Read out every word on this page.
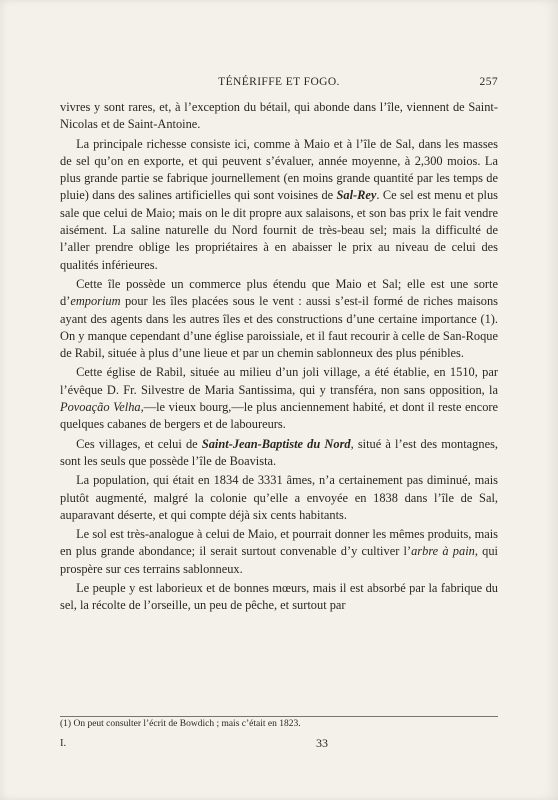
TÉNÉRIFFE ET FOGO.	257

vivres y sont rares, et, à l’exception du bétail, qui abonde dans l’île, viennent de Saint-Nicolas et de Saint-Antoine.

La principale richesse consiste ici, comme à Maio et à l’île de Sal, dans les masses de sel qu’on en exporte, et qui peuvent s’évaluer, année moyenne, à 2,300 moios. La plus grande partie se fabrique journellement (en moins grande quantité par les temps de pluie) dans des salines artificielles qui sont voisines de Sal-Rey. Ce sel est menu et plus sale que celui de Maio; mais on le dit propre aux salaisons, et son bas prix le fait vendre aisément. La saline naturelle du Nord fournit de très-beau sel; mais la difficulté de l’aller prendre oblige les propriétaires à en abaisser le prix au niveau de celui des qualités inférieures.

Cette île possède un commerce plus étendu que Maio et Sal; elle est une sorte d’emporium pour les îles placées sous le vent : aussi s’est-il formé de riches maisons ayant des agents dans les autres îles et des constructions d’une certaine importance (1). On y manque cependant d’une église paroissiale, et il faut recourir à celle de San-Roque de Rabil, située à plus d’une lieue et par un chemin sablonneux des plus pénibles.

Cette église de Rabil, située au milieu d’un joli village, a été établie, en 1510, par l’évêque D. Fr. Silvestre de Maria Santissima, qui y transféra, non sans opposition, la Povoação Velha,—le vieux bourg,—le plus anciennement habité, et dont il reste encore quelques cabanes de bergers et de laboureurs.

Ces villages, et celui de Saint-Jean-Baptiste du Nord, situé à l’est des montagnes, sont les seuls que possède l’île de Boavista.

La population, qui était en 1834 de 3331 âmes, n’a certainement pas diminué, mais plutôt augmenté, malgré la colonie qu’elle a envoyée en 1838 dans l’île de Sal, auparavant déserte, et qui compte déjà six cents habitants.

Le sol est très-analogue à celui de Maio, et pourrait donner les mêmes produits, mais en plus grande abondance; il serait surtout convenable d’y cultiver l’arbre à pain, qui prospère sur ces terrains sablonneux.

Le peuple y est laborieux et de bonnes mœurs, mais il est absorbé par la fabrique du sel, la récolte de l’orseille, un peu de pêche, et surtout par

(1) On peut consulter l’écrit de Bowdich ; mais c’était en 1823.
I.	33
